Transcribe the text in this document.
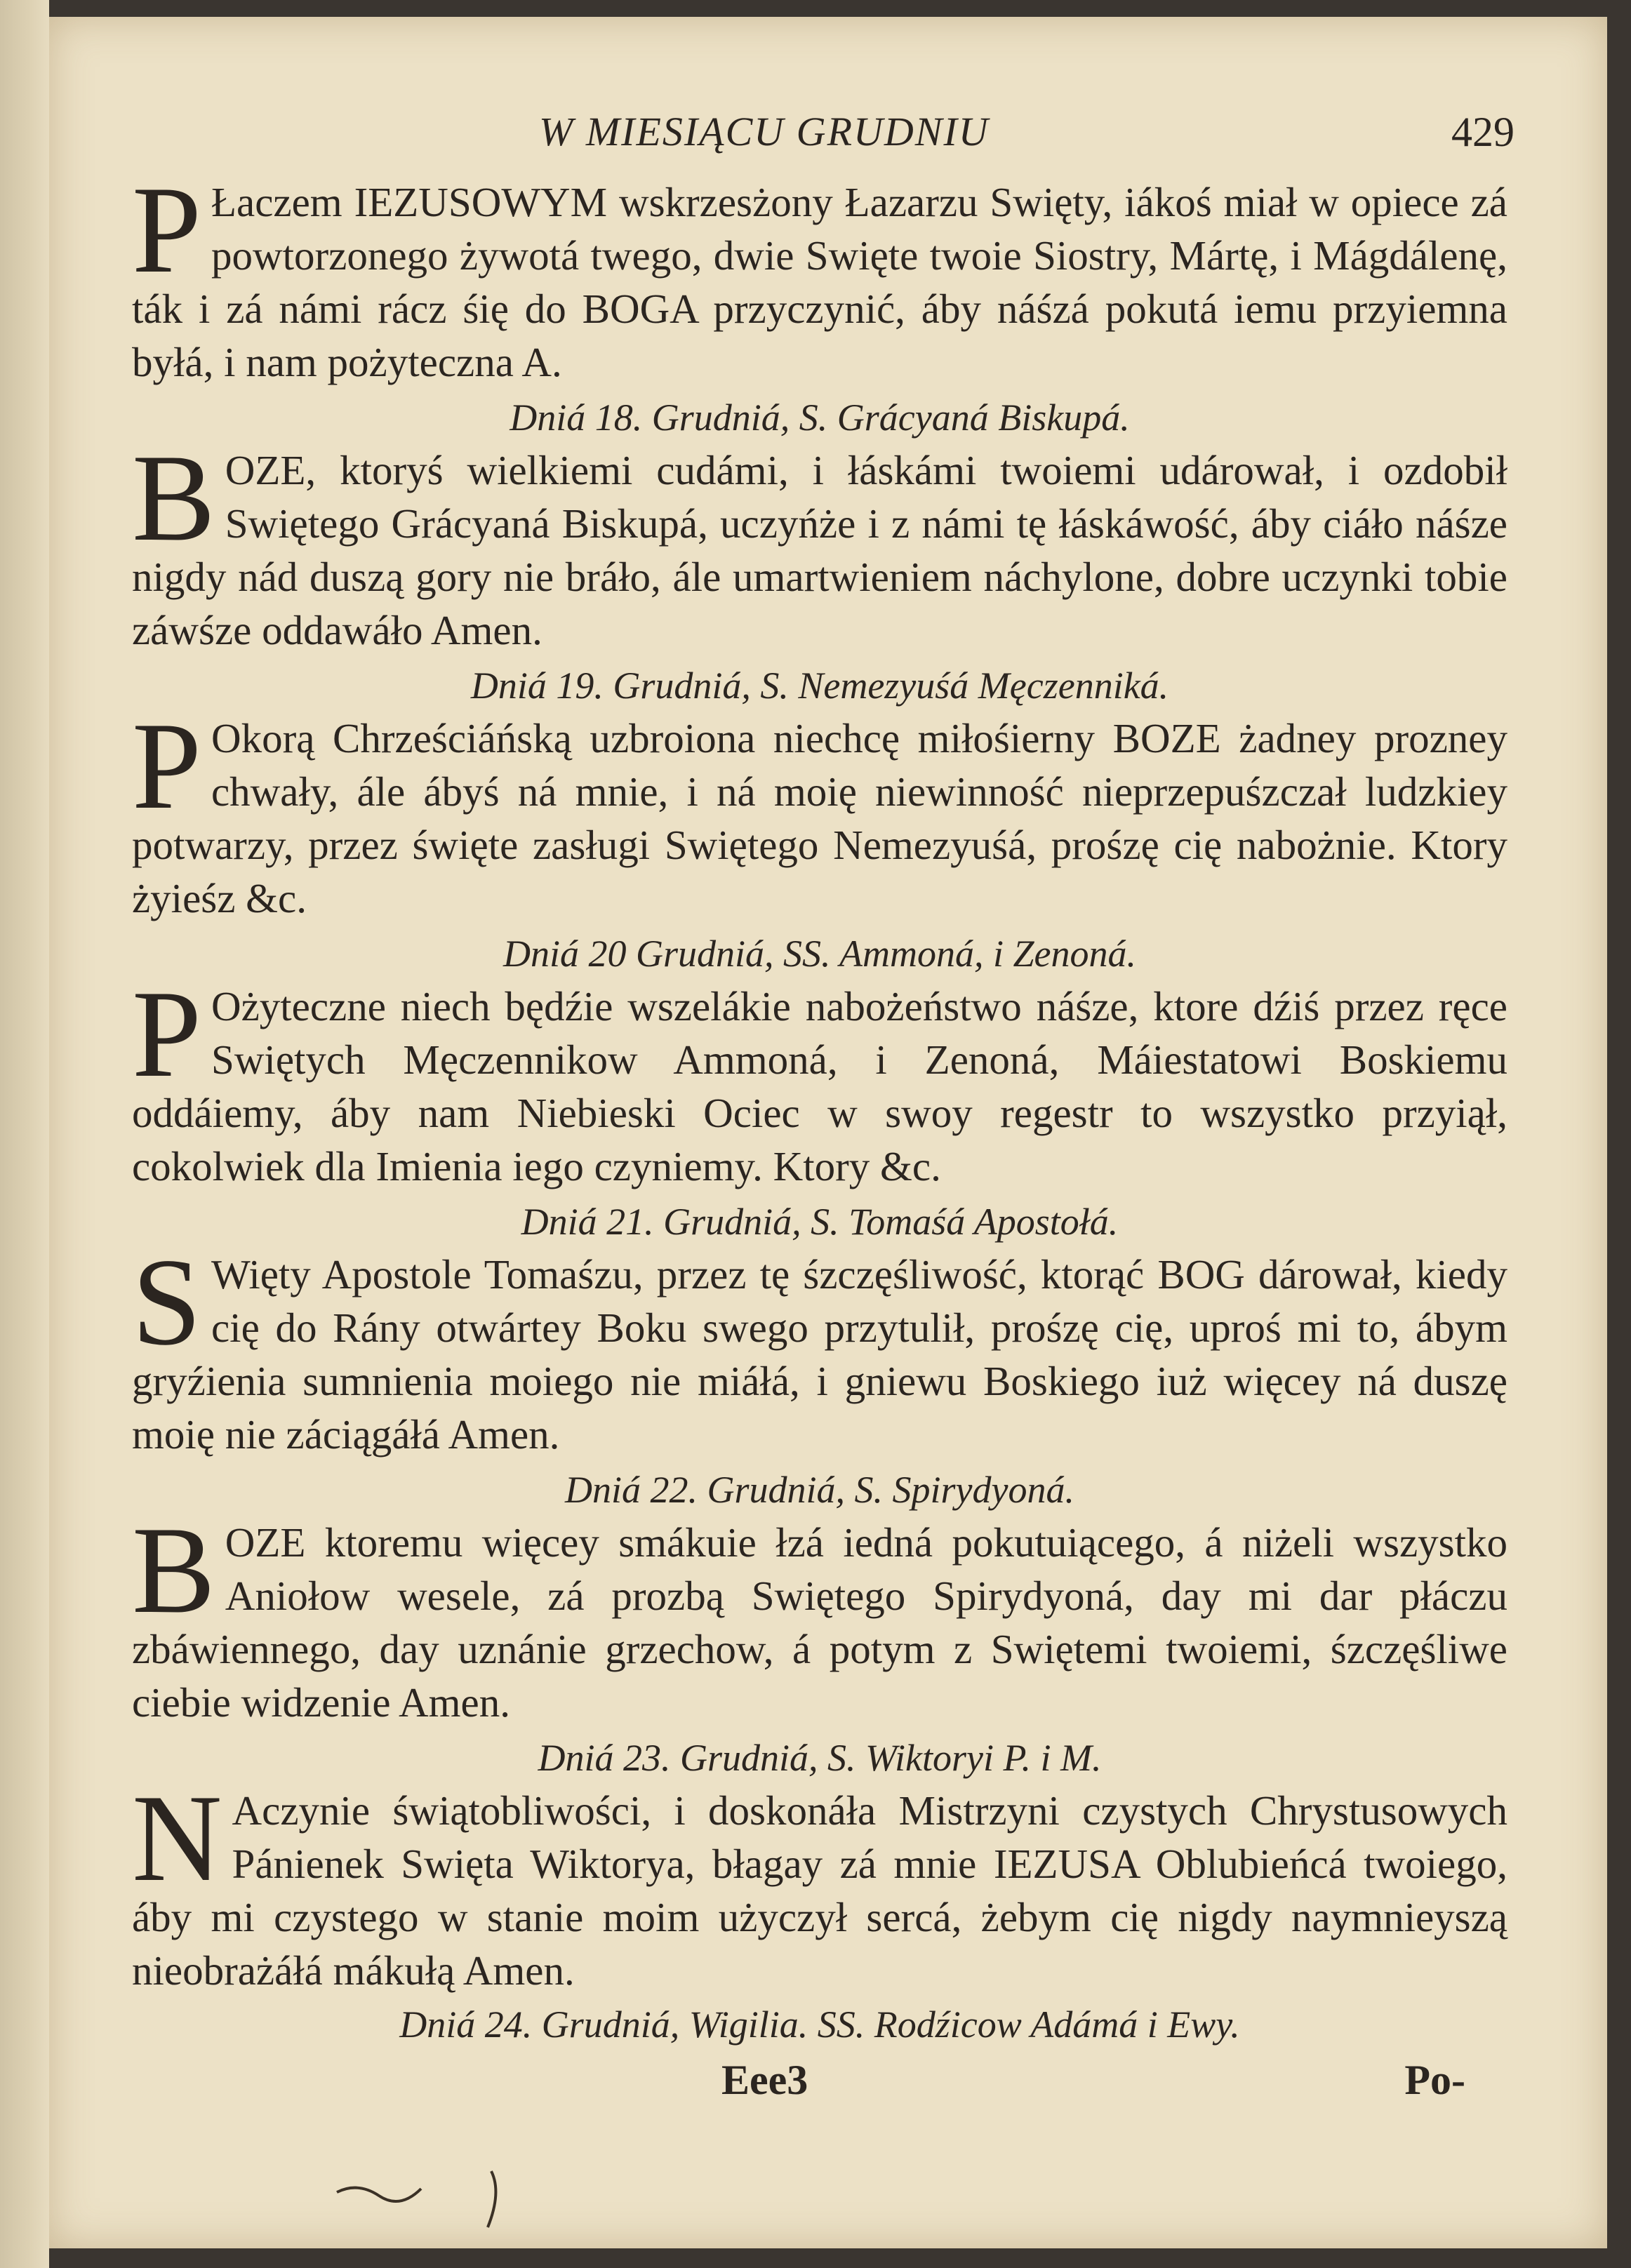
W MIESIĄCU GRUDNIU	429

P Łaczem IEZUSOWYM wskrzesżony Łazarzu Swięty, iákoś miał w opiece zá powtorzonego żywotá twego, dwie Swięte twoie Siostry, Mártę, i Mágdálenę, ták i zá námi rácz śię do BOGA przyczynić, áby náśzá pokutá iemu przyiemna byłá, i nam pożyteczna A.

Dniá 18. Grudniá, S. Grácyaná Biskupá.

BOZE, ktoryś wielkiemi cudámi, i łáskámi twoiemi udárował, i ozdobił Swiętego Grácyaná Biskupá, uczyńże i z námi tę łáskáwość, áby ciáło náśze nigdy nád duszą gory nie bráło, ále umartwieniem náchylone, dobre uczynki tobie záwśze oddawáło Amen.

Dniá 19. Grudniá, S. Nemezyuśá Męczenniká.

P Okorą Chrześciáńską uzbroiona niechcę miłośierny BOZE żadney prozney chwały, ále ábyś ná mnie, i ná moię niewinność nieprzepuśzczał ludzkiey potwarzy, przez święte zasługi Swiętego Nemezyuśá, prośzę cię nabożnie. Ktory żyieśz &c.

Dniá 20 Grudniá, SS. Ammoná, i Zenoná.

P Ożyteczne niech będźie wszelákie nabożeństwo náśze, ktore dźiś przez ręce Swiętych Męczennikow Ammoná, i Zenoná, Máiestatowi Boskiemu oddáiemy, áby nam Niebieski Ociec w swoy regestr to wszystko przyiął, cokolwiek dla Imienia iego czyniemy. Ktory &c.

Dniá 21. Grudniá, S. Tomaśá Apostołá.

S Więty Apostole Tomaśzu, przez tę śzczęśliwość, ktorąć BOG dárował, kiedy cię do Rány otwártey Boku swego przytulił, prośzę cię, uproś mi to, ábym gryźienia sumnienia moiego nie miáłá, i gniewu Boskiego iuż więcey ná duszę moię nie záciągáłá Amen.

Dniá 22. Grudniá, S. Spirydyoná.

BOZE ktoremu więcey smákuie łzá iedná pokutuiącego, á niżeli wszystko Aniołow wesele, zá prozbą Swiętego Spirydyoná, day mi dar płáczu zbáwiennego, day uznánie grzechow, á potym z Swiętemi twoiemi, śzczęśliwe ciebie widzenie Amen.

Dniá 23. Grudniá, S. Wiktoryi P. i M.

N Aczynie świątobliwości, i doskonáła Mistrzyni czystych Chrystusowych Pánienek Swięta Wiktorya, błagay zá mnie IEZUSA Oblubieńcá twoiego, áby mi czystego w stanie moim użyczył sercá, żebym cię nigdy naymnieyszą nieobrażáłá mákułą Amen.

Dniá 24. Grudniá, Wigilia. SS. Rodźicow Adámá i Ewy.
Eee3	Po-
